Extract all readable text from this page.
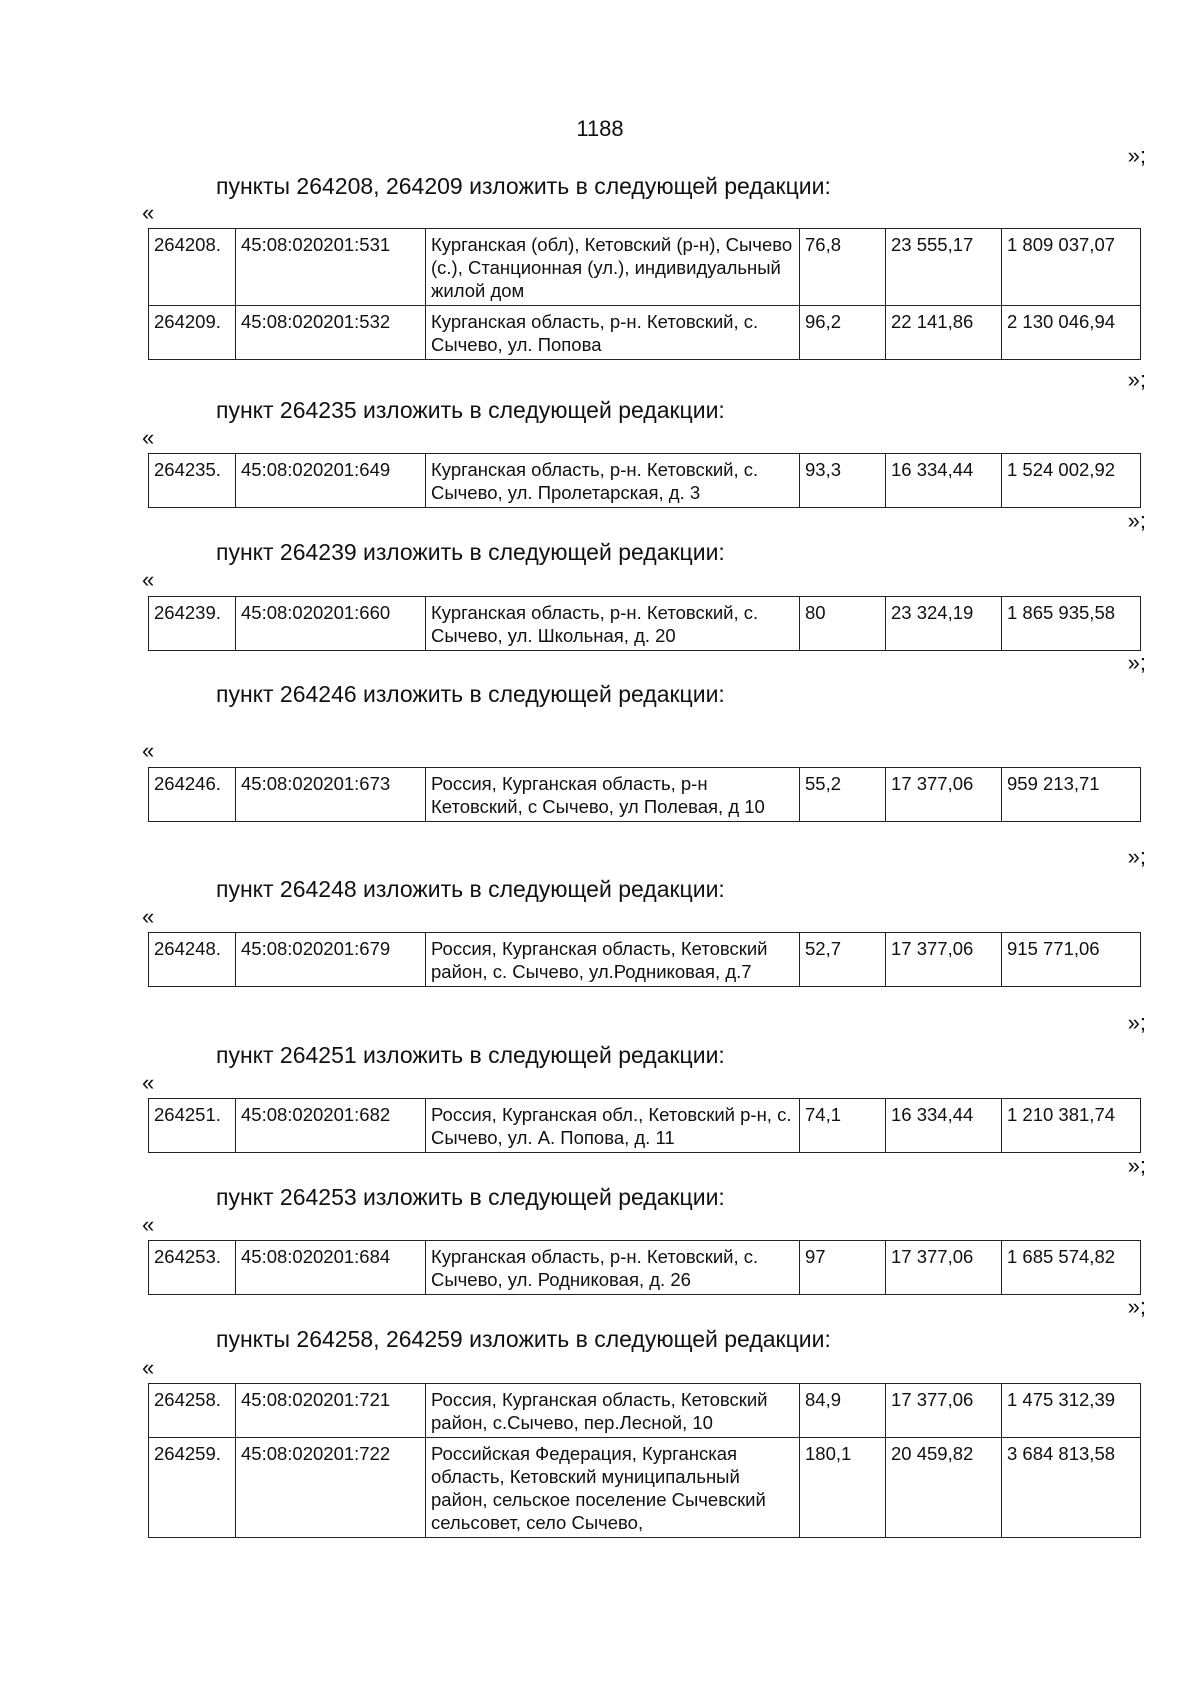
1188
»;
пункты 264208, 264209 изложить в следующей редакции:
«
264208.	45:08:020201:531	Курганская (обл), Кетовский (р-н), Сычево (с.), Станционная (ул.), индивидуальный жилой дом	76,8	23 555,17	1 809 037,07
264209.	45:08:020201:532	Курганская область, р-н. Кетовский, с. Сычево, ул. Попова	96,2	22 141,86	2 130 046,94
»;
пункт 264235 изложить в следующей редакции:
«
264235.	45:08:020201:649	Курганская область, р-н. Кетовский, с. Сычево, ул. Пролетарская, д. 3	93,3	16 334,44	1 524 002,92
»;
пункт 264239 изложить в следующей редакции:
«
264239.	45:08:020201:660	Курганская область, р-н. Кетовский, с. Сычево, ул. Школьная, д. 20	80	23 324,19	1 865 935,58
»;
пункт 264246 изложить в следующей редакции:
«
264246.	45:08:020201:673	Россия, Курганская область, р-н Кетовский, с Сычево, ул Полевая, д 10	55,2	17 377,06	959 213,71
»;
пункт 264248 изложить в следующей редакции:
«
264248.	45:08:020201:679	Россия, Курганская область, Кетовский район, с. Сычево, ул.Родниковая, д.7	52,7	17 377,06	915 771,06
»;
пункт 264251 изложить в следующей редакции:
«
264251.	45:08:020201:682	Россия, Курганская обл., Кетовский р-н, с. Сычево, ул. А. Попова, д. 11	74,1	16 334,44	1 210 381,74
»;
пункт 264253 изложить в следующей редакции:
«
264253.	45:08:020201:684	Курганская область, р-н. Кетовский, с. Сычево, ул. Родниковая, д. 26	97	17 377,06	1 685 574,82
»;
пункты 264258, 264259 изложить в следующей редакции:
«
264258.	45:08:020201:721	Россия, Курганская область, Кетовский район, с.Сычево, пер.Лесной, 10	84,9	17 377,06	1 475 312,39
264259.	45:08:020201:722	Российская Федерация, Курганская область, Кетовский муниципальный район, сельское поселение Сычевский сельсовет, село Сычево,	180,1	20 459,82	3 684 813,58
